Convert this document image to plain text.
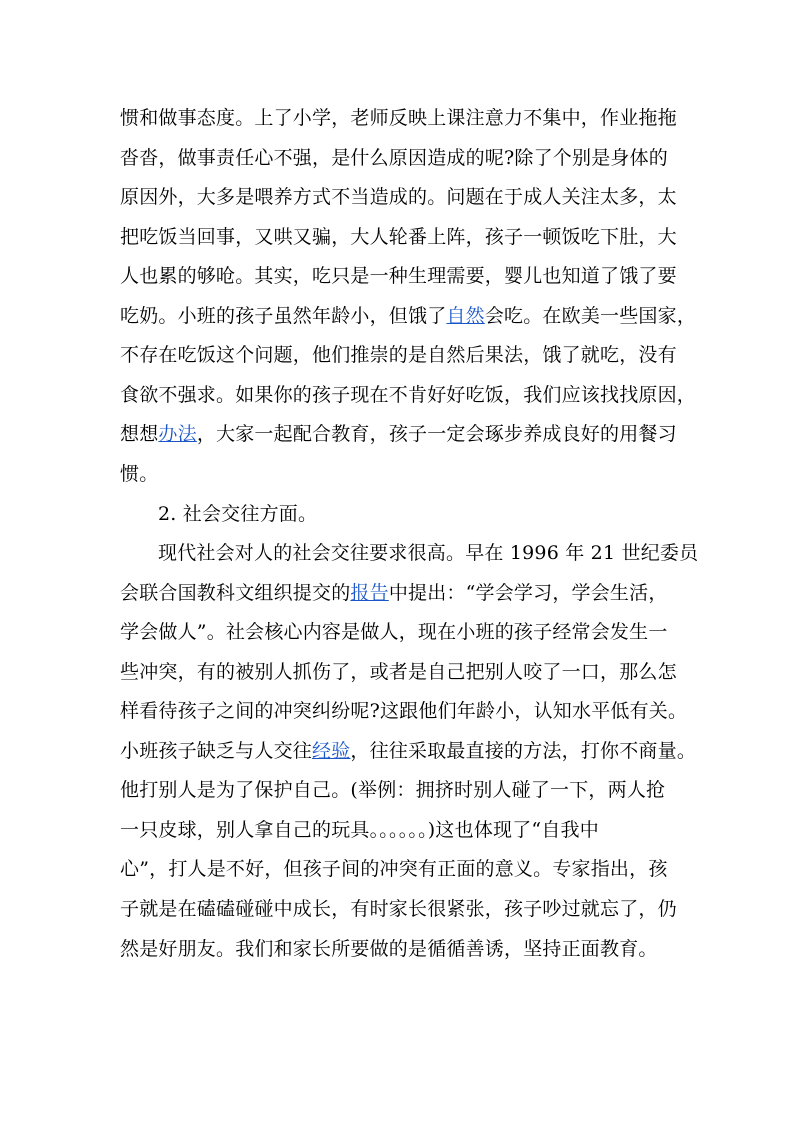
惯和做事态度。上了小学，老师反映上课注意力不集中，作业拖拖
沓沓，做事责任心不强，是什么原因造成的呢?除了个别是身体的
原因外，大多是喂养方式不当造成的。问题在于成人关注太多，太
把吃饭当回事，又哄又骗，大人轮番上阵，孩子一顿饭吃下肚，大
人也累的够呛。其实，吃只是一种生理需要，婴儿也知道了饿了要
吃奶。小班的孩子虽然年龄小，但饿了自然会吃。在欧美一些国家，
不存在吃饭这个问题，他们推崇的是自然后果法，饿了就吃，没有
食欲不强求。如果你的孩子现在不肯好好吃饭，我们应该找找原因，
想想办法，大家一起配合教育，孩子一定会琢步养成良好的用餐习
惯。
2. 社会交往方面。
现代社会对人的社会交往要求很高。早在 1996 年 21 世纪委员
会联合国教科文组织提交的报告中提出：“学会学习，学会生活，
学会做人”。社会核心内容是做人，现在小班的孩子经常会发生一
些冲突，有的被别人抓伤了，或者是自己把别人咬了一口，那么怎
样看待孩子之间的冲突纠纷呢?这跟他们年龄小，认知水平低有关。
小班孩子缺乏与人交往经验，往往采取最直接的方法，打你不商量。
他打别人是为了保护自己。(举例：拥挤时别人碰了一下，两人抢
一只皮球，别人拿自己的玩具。。。。。。)这也体现了“自我中
心”，打人是不好，但孩子间的冲突有正面的意义。专家指出，孩
子就是在磕磕碰碰中成长，有时家长很紧张，孩子吵过就忘了，仍
然是好朋友。我们和家长所要做的是循循善诱，坚持正面教育。
